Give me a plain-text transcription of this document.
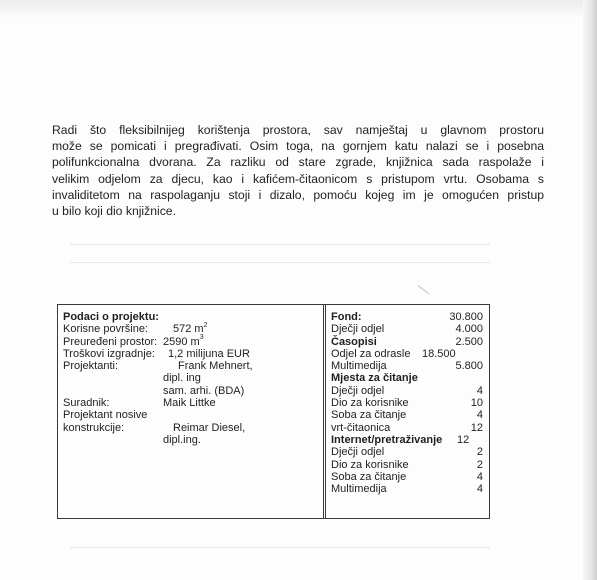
Radi što fleksibilnijeg korištenja prostora, sav namještaj u glavnom prostoru
može se pomicati i pregrađivati. Osim toga, na gornjem katu nalazi se i posebna
polifunkcionalna dvorana. Za razliku od stare zgrade, knjižnica sada raspolaže i
velikim odjelom za djecu, kao i kafićem-čitaonicom s pristupom vrtu. Osobama s
invaliditetom na raspolaganju stoji i dizalo, pomoću kojeg im je omogućen pristup
u bilo koji dio knjižnice.

Podaci o projektu:
Korisne površine: 572 $m^2$
Preuređeni prostor: 2590 $m^3$
Troškovi izgradnje: 1,2 milijuna EUR
Projektanti:	Frank Mehnert,
dipl. ing
sam. arhi. (BDA)
Suradnik:	Maik Littke
Projektant nosive
konstrukcije:	Reimar Diesel,
dipl.ing.
Fond:	30.800
Dječji odjel	4.000
Časopisi	2.500
Odjel za odrasle 18.500
Multimedija	5.800
Mjesta za čitanje
Dječji odjel	4
Dio za korisnike	10
Soba za čitanje	4
vrt-čitaonica	12
Internet/pretraživanje 12
Dječji odjel	2
Dio za korisnike	2
Soba za čitanje	4
Multimedija	4
